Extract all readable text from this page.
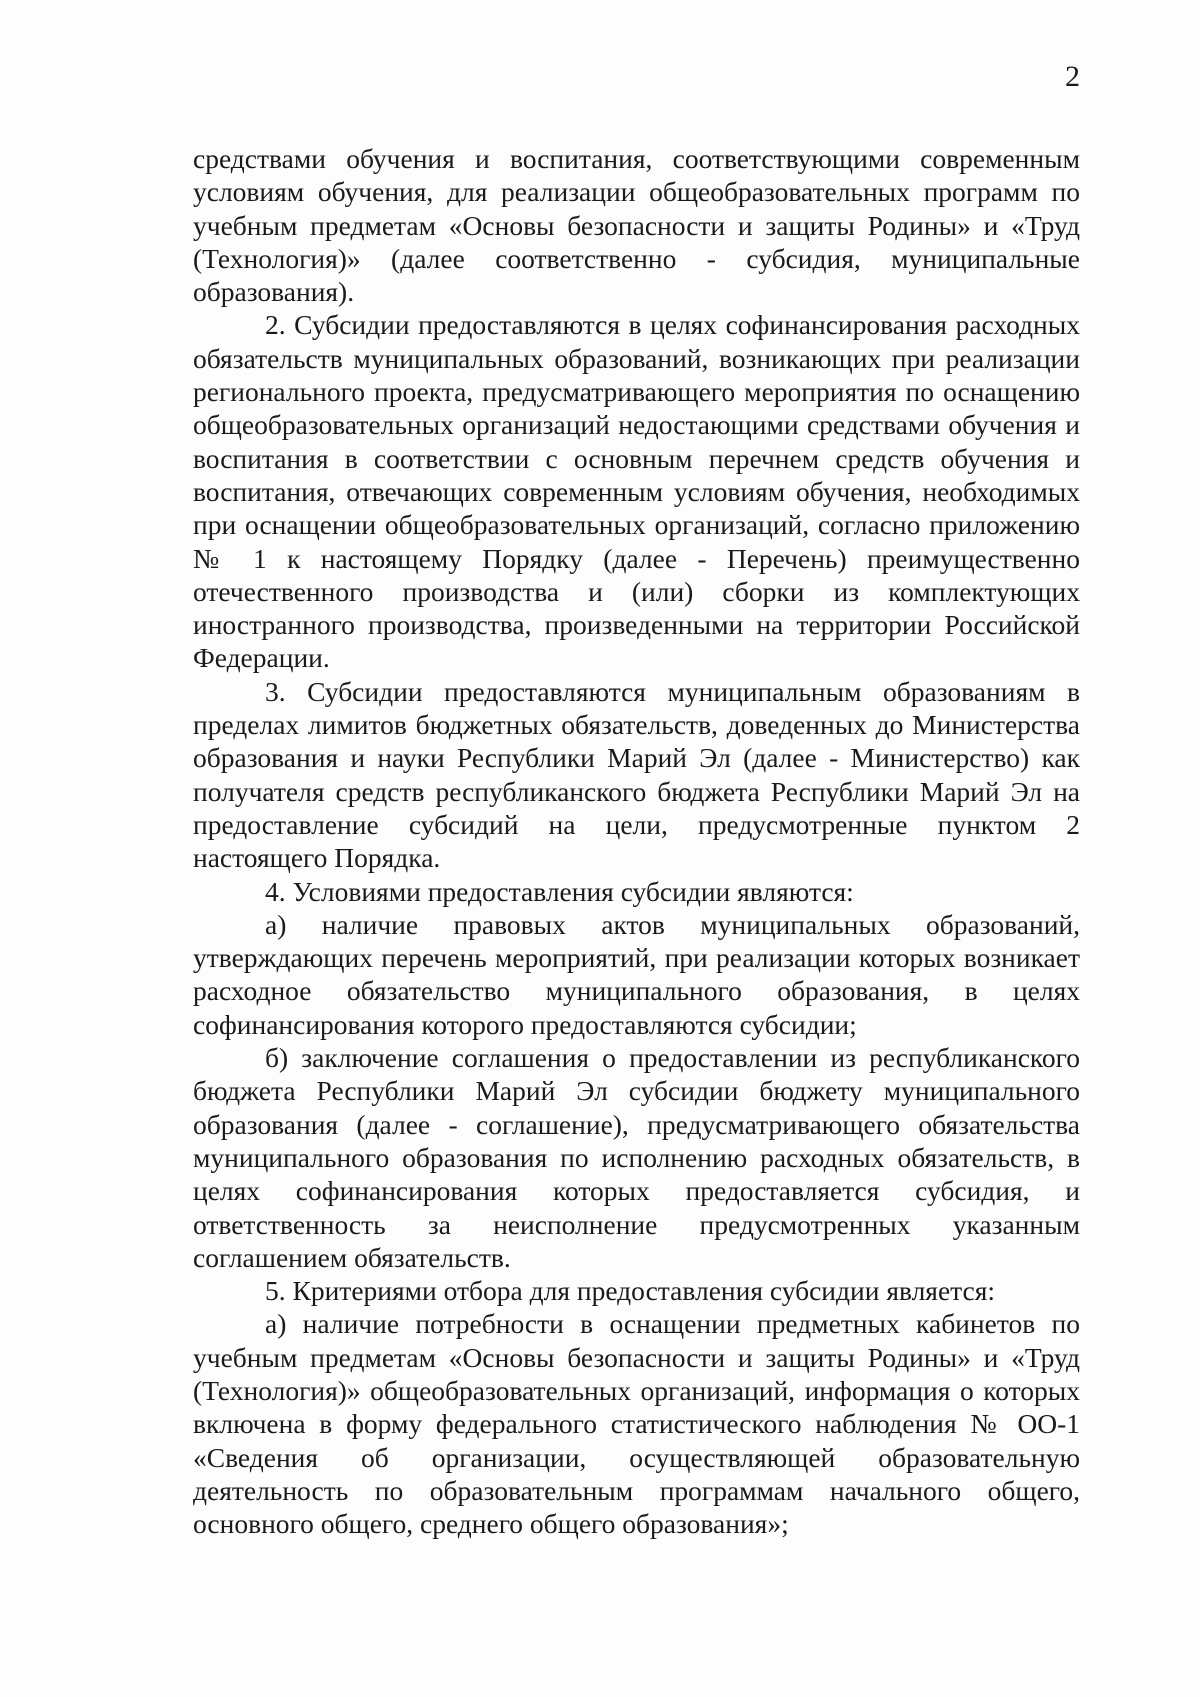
2

средствами обучения и воспитания, соответствующими современным условиям обучения, для реализации общеобразовательных программ по учебным предметам «Основы безопасности и защиты Родины» и «Труд (Технология)» (далее соответственно - субсидия, муниципальные образования).

2. Субсидии предоставляются в целях софинансирования расходных обязательств муниципальных образований, возникающих при реализации регионального проекта, предусматривающего мероприятия по оснащению общеобразовательных организаций недостающими средствами обучения и воспитания в соответствии с основным перечнем средств обучения и воспитания, отвечающих современным условиям обучения, необходимых при оснащении общеобразовательных организаций, согласно приложению № 1 к настоящему Порядку (далее - Перечень) преимущественно отечественного производства и (или) сборки из комплектующих иностранного производства, произведенными на территории Российской Федерации.

3. Субсидии предоставляются муниципальным образованиям в пределах лимитов бюджетных обязательств, доведенных до Министерства образования и науки Республики Марий Эл (далее - Министерство) как получателя средств республиканского бюджета Республики Марий Эл на предоставление субсидий на цели, предусмотренные пунктом 2 настоящего Порядка.

4. Условиями предоставления субсидии являются:

а) наличие правовых актов муниципальных образований, утверждающих перечень мероприятий, при реализации которых возникает расходное обязательство муниципального образования, в целях софинансирования которого предоставляются субсидии;

б) заключение соглашения о предоставлении из республиканского бюджета Республики Марий Эл субсидии бюджету муниципального образования (далее - соглашение), предусматривающего обязательства муниципального образования по исполнению расходных обязательств, в целях софинансирования которых предоставляется субсидия, и ответственность за неисполнение предусмотренных указанным соглашением обязательств.

5. Критериями отбора для предоставления субсидии является:

а) наличие потребности в оснащении предметных кабинетов по учебным предметам «Основы безопасности и защиты Родины» и «Труд (Технология)» общеобразовательных организаций, информация о которых включена в форму федерального статистического наблюдения № ОО-1 «Сведения об организации, осуществляющей образовательную деятельность по образовательным программам начального общего, основного общего, среднего общего образования»;
